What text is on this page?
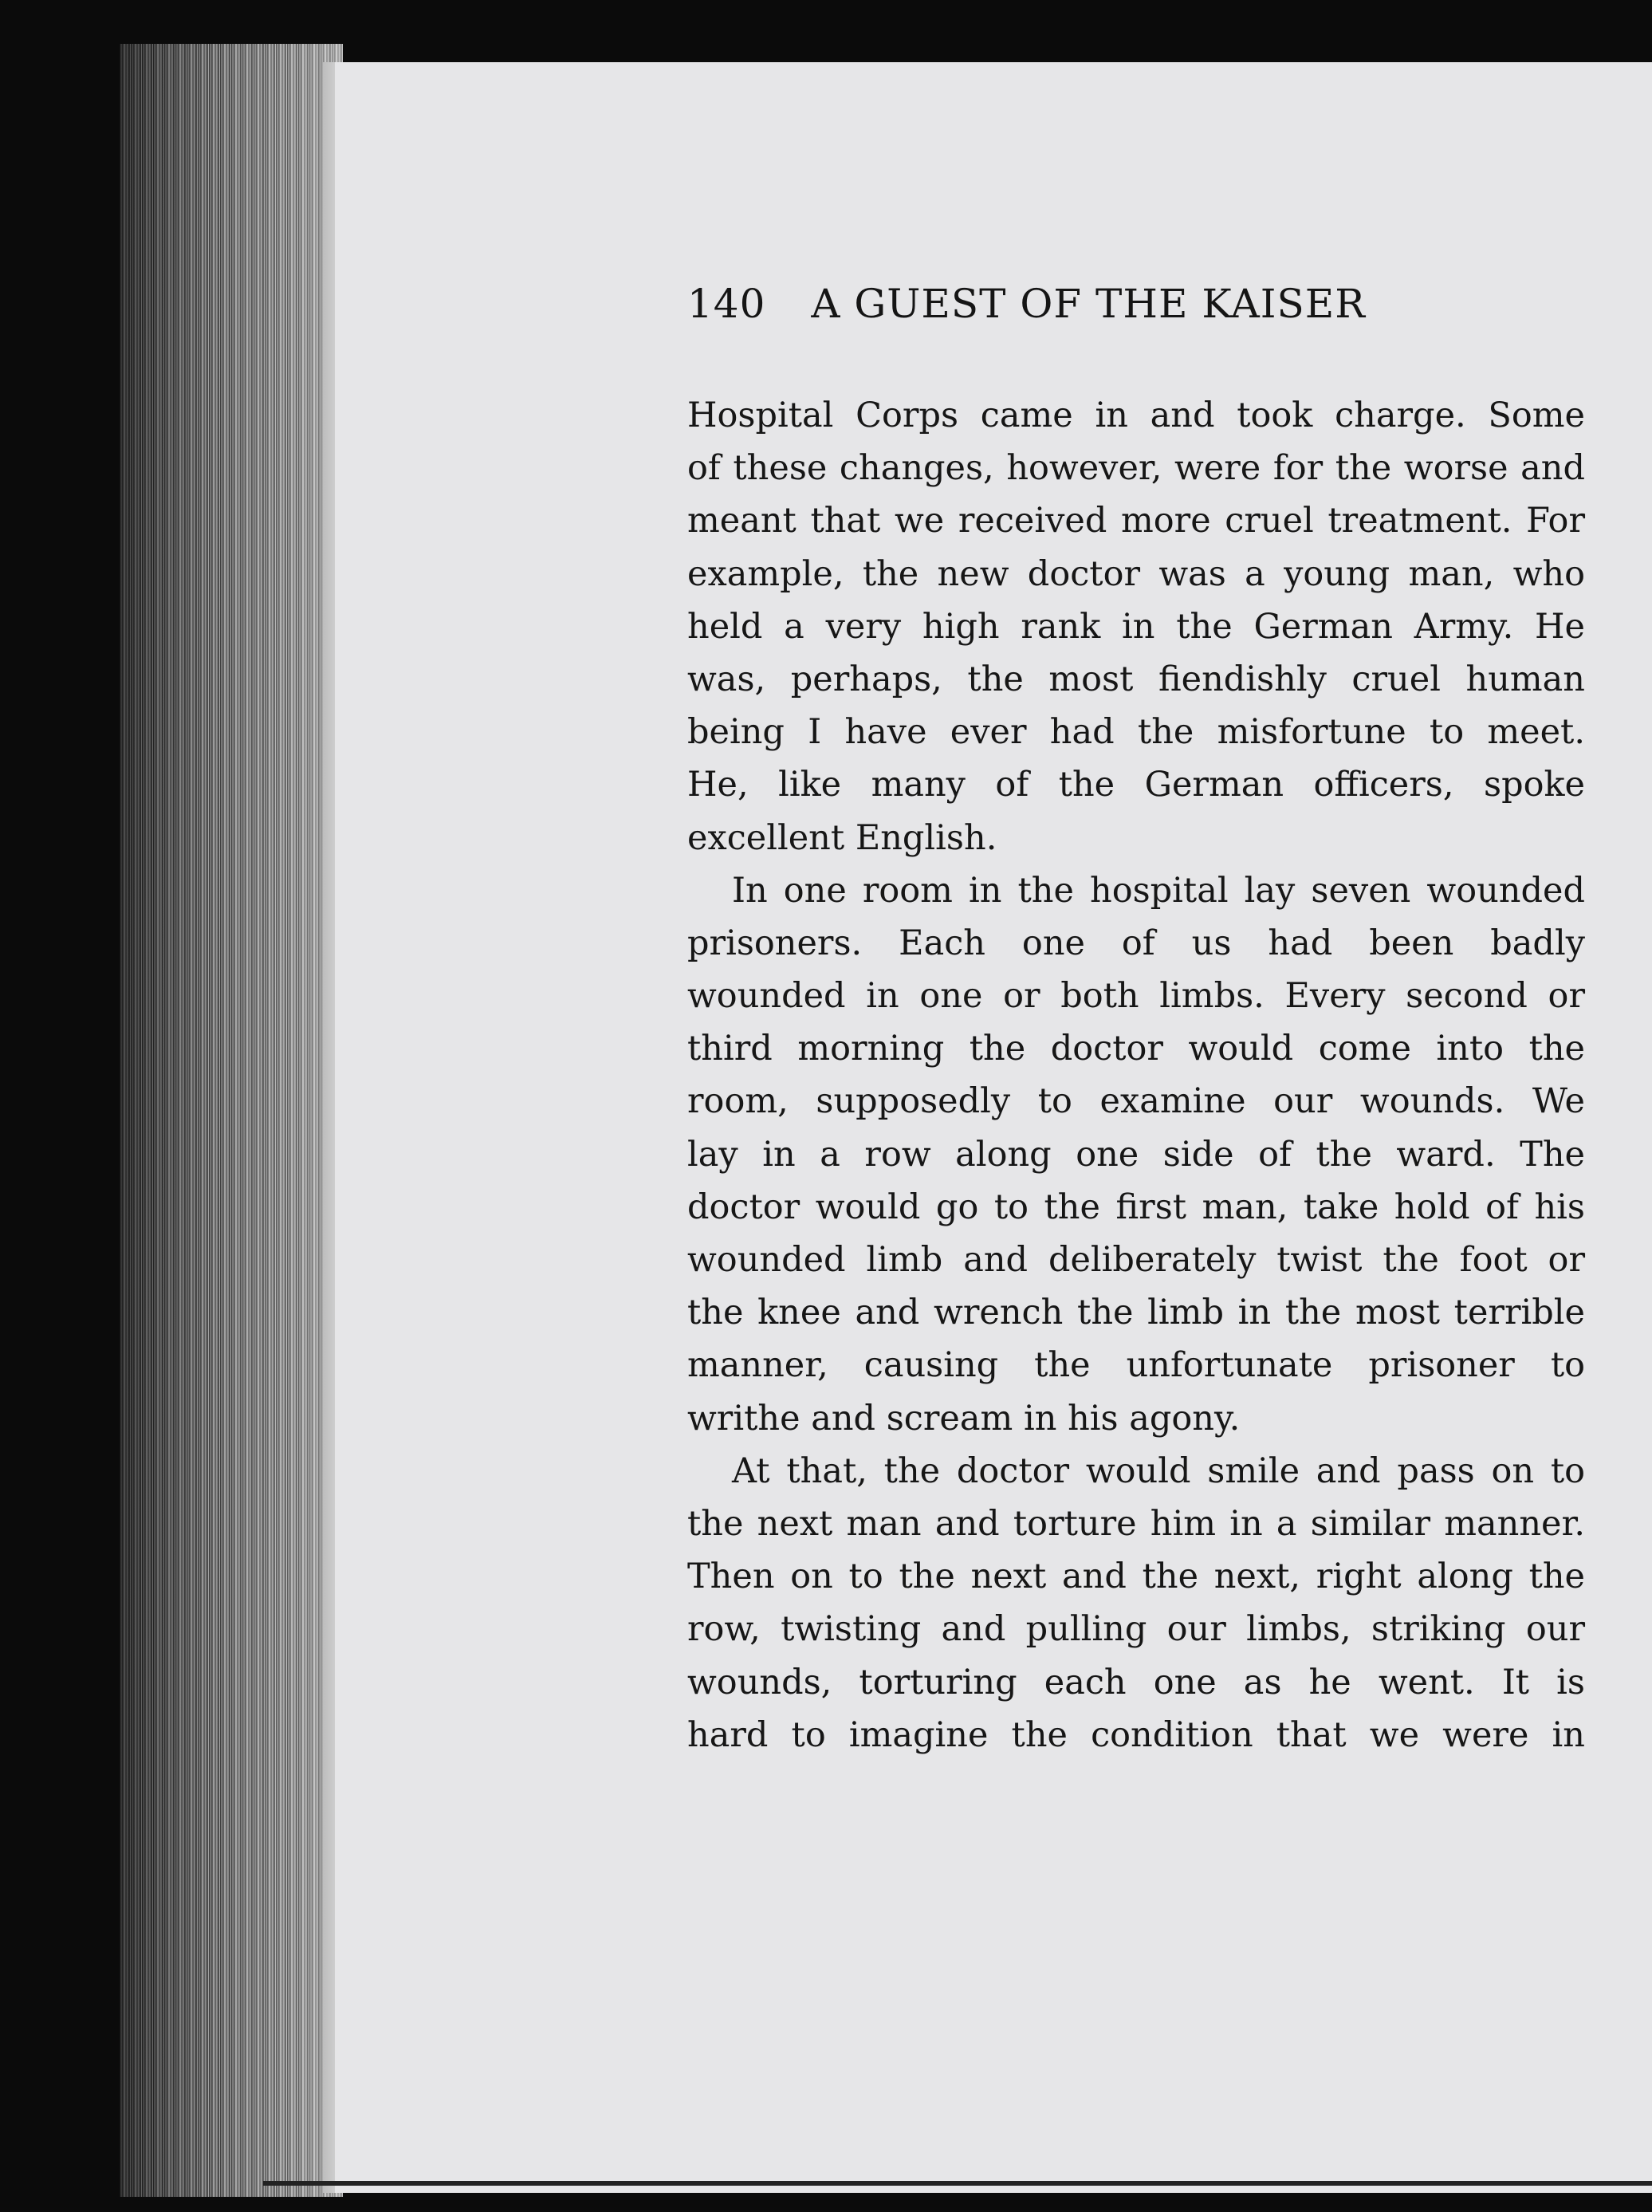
140 A GUEST OF THE KAISER
Hospital Corps came in and took charge. Some
of these changes, however, were for the worse and
meant that we received more cruel treatment. For
example, the new doctor was a young man, who
held a very high rank in the German Army. He
was, perhaps, the most fiendishly cruel human
being I have ever had the misfortune to meet.
He, like many of the German officers, spoke
excellent English.
In one room in the hospital lay seven wounded
prisoners. Each one of us had been badly
wounded in one or both limbs. Every second or
third morning the doctor would come into the
room, supposedly to examine our wounds. We
lay in a row along one side of the ward. The
doctor would go to the first man, take hold of his
wounded limb and deliberately twist the foot or
the knee and wrench the limb in the most terrible
manner, causing the unfortunate prisoner to
writhe and scream in his agony.
At that, the doctor would smile and pass on to
the next man and torture him in a similar manner.
Then on to the next and the next, right along the
row, twisting and pulling our limbs, striking our
wounds, torturing each one as he went. It is
hard to imagine the condition that we were in
